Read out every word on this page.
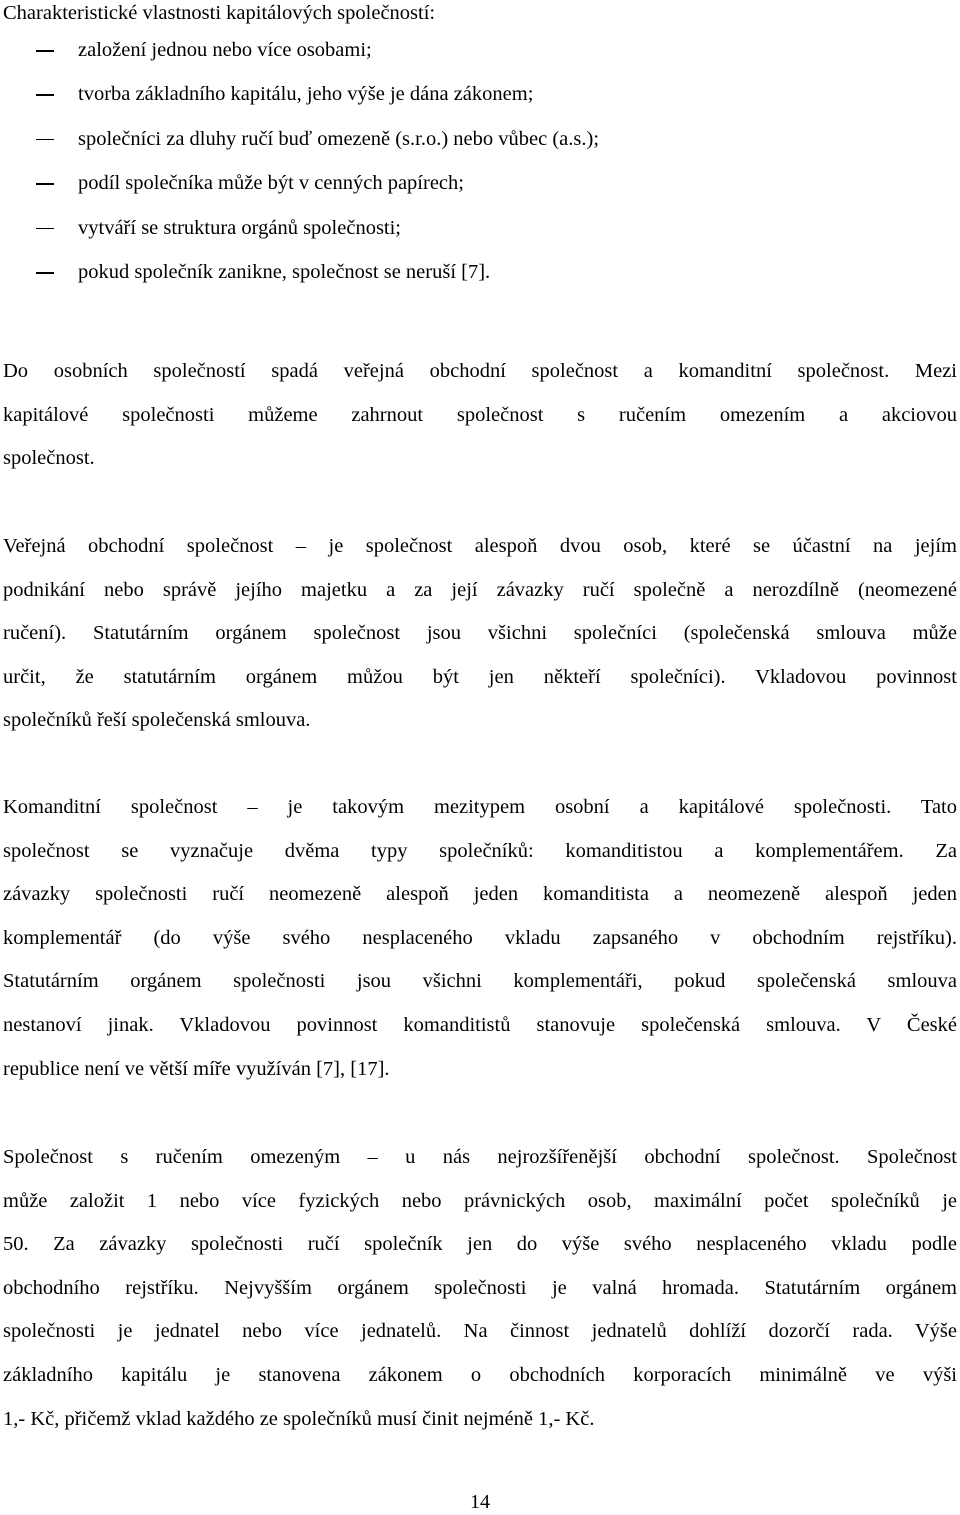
Charakteristické vlastnosti kapitálových společností:

založení jednou nebo více osobami;
tvorba základního kapitálu, jeho výše je dána zákonem;
společníci za dluhy ručí buď omezeně (s.r.o.) nebo vůbec (a.s.);
podíl společníka může být v cenných papírech;
vytváří se struktura orgánů společnosti;
pokud společník zanikne, společnost se neruší [7].
Do osobních společností spadá veřejná obchodní společnost a komanditní společnost. Mezi
kapitálové společnosti můžeme zahrnout společnost s ručením omezením a akciovou
společnost.
Veřejná obchodní společnost – je společnost alespoň dvou osob, které se účastní na jejím
podnikání nebo správě jejího majetku a za její závazky ručí společně a nerozdílně (neomezené
ručení). Statutárním orgánem společnost jsou všichni společníci (společenská smlouva může
určit, že statutárním orgánem můžou být jen někteří společníci). Vkladovou povinnost
společníků řeší společenská smlouva.
Komanditní společnost – je takovým mezitypem osobní a kapitálové společnosti. Tato
společnost se vyznačuje dvěma typy společníků: komanditistou a komplementářem. Za
závazky společnosti ručí neomezeně alespoň jeden komanditista a neomezeně alespoň jeden
komplementář (do výše svého nesplaceného vkladu zapsaného v obchodním rejstříku).
Statutárním orgánem společnosti jsou všichni komplementáři, pokud společenská smlouva
nestanoví jinak. Vkladovou povinnost komanditistů stanovuje společenská smlouva. V České
republice není ve větší míře využíván [7], [17].
Společnost s ručením omezeným – u nás nejrozšířenější obchodní společnost. Společnost
může založit 1 nebo více fyzických nebo právnických osob, maximální počet společníků je
50. Za závazky společnosti ručí společník jen do výše svého nesplaceného vkladu podle
obchodního rejstříku. Nejvyšším orgánem společnosti je valná hromada. Statutárním orgánem
společnosti je jednatel nebo více jednatelů. Na činnost jednatelů dohlíží dozorčí rada. Výše
základního kapitálu je stanovena zákonem o obchodních korporacích minimálně ve výši
1,- Kč, přičemž vklad každého ze společníků musí činit nejméně 1,- Kč.
14
